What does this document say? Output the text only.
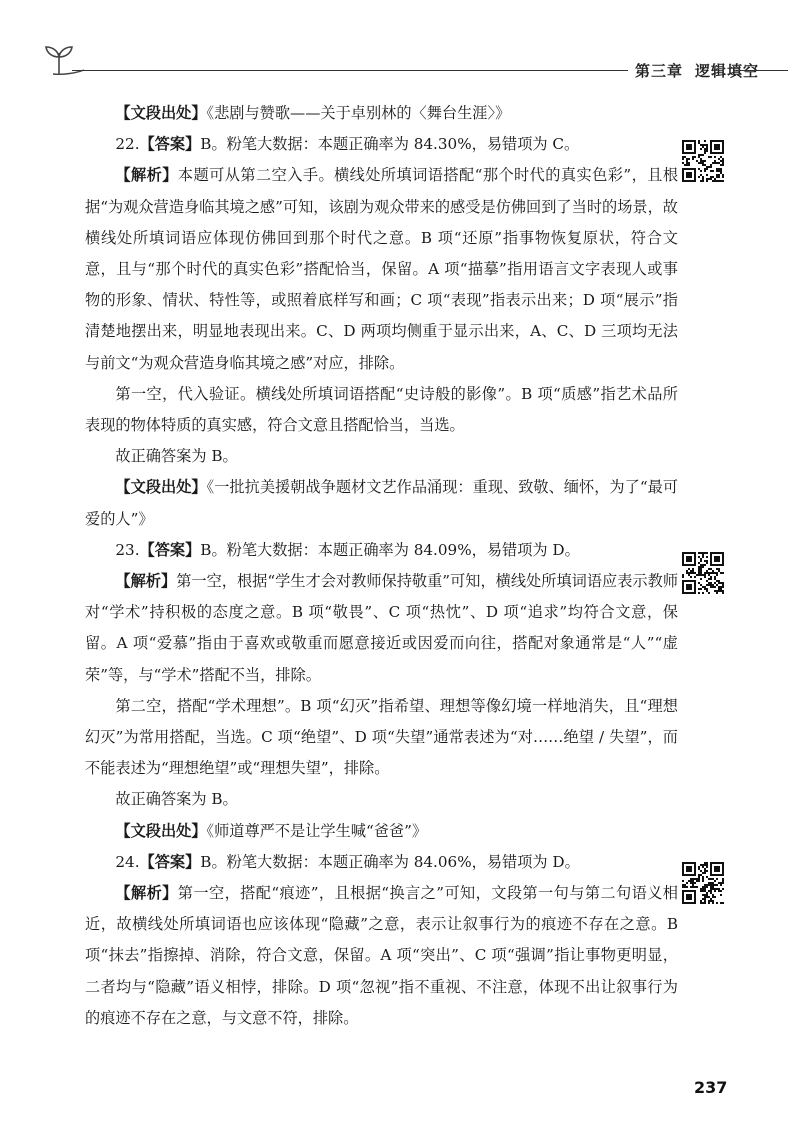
第三章 逻辑填空

【文段出处】《悲剧与赞歌——关于卓别林的〈舞台生涯〉》

22.【答案】B。粉笔大数据：本题正确率为 84.30%，易错项为 C。

【解析】本题可从第二空入手。横线处所填词语搭配“那个时代的真实色彩”，且根据“为观众营造身临其境之感”可知，该剧为观众带来的感受是仿佛回到了当时的场景，故横线处所填词语应体现仿佛回到那个时代之意。B 项“还原”指事物恢复原状，符合文意，且与“那个时代的真实色彩”搭配恰当，保留。A 项“描摹”指用语言文字表现人或事物的形象、情状、特性等，或照着底样写和画；C 项“表现”指表示出来；D 项“展示”指清楚地摆出来，明显地表现出来。C、D 两项均侧重于显示出来，A、C、D 三项均无法与前文“为观众营造身临其境之感”对应，排除。

第一空，代入验证。横线处所填词语搭配“史诗般的影像”。B 项“质感”指艺术品所表现的物体特质的真实感，符合文意且搭配恰当，当选。

故正确答案为 B。

【文段出处】《一批抗美援朝战争题材文艺作品涌现：重现、致敬、缅怀，为了“最可爱的人”》

23.【答案】B。粉笔大数据：本题正确率为 84.09%，易错项为 D。

【解析】第一空，根据“学生才会对教师保持敬重”可知，横线处所填词语应表示教师对“学术”持积极的态度之意。B 项“敬畏”、C 项“热忱”、D 项“追求”均符合文意，保留。A 项“爱慕”指由于喜欢或敬重而愿意接近或因爱而向往，搭配对象通常是“人”“虚荣”等，与“学术”搭配不当，排除。

第二空，搭配“学术理想”。B 项“幻灭”指希望、理想等像幻境一样地消失，且“理想幻灭”为常用搭配，当选。C 项“绝望”、D 项“失望”通常表述为“对……绝望 / 失望”，而不能表述为“理想绝望”或“理想失望”，排除。

故正确答案为 B。

【文段出处】《师道尊严不是让学生喊“爸爸”》

24.【答案】B。粉笔大数据：本题正确率为 84.06%，易错项为 D。

【解析】第一空，搭配“痕迹”，且根据“换言之”可知，文段第一句与第二句语义相近，故横线处所填词语也应该体现“隐藏”之意，表示让叙事行为的痕迹不存在之意。B 项“抹去”指擦掉、消除，符合文意，保留。A 项“突出”、C 项“强调”指让事物更明显，二者均与“隐藏”语义相悖，排除。D 项“忽视”指不重视、不注意，体现不出让叙事行为的痕迹不存在之意，与文意不符，排除。

237
